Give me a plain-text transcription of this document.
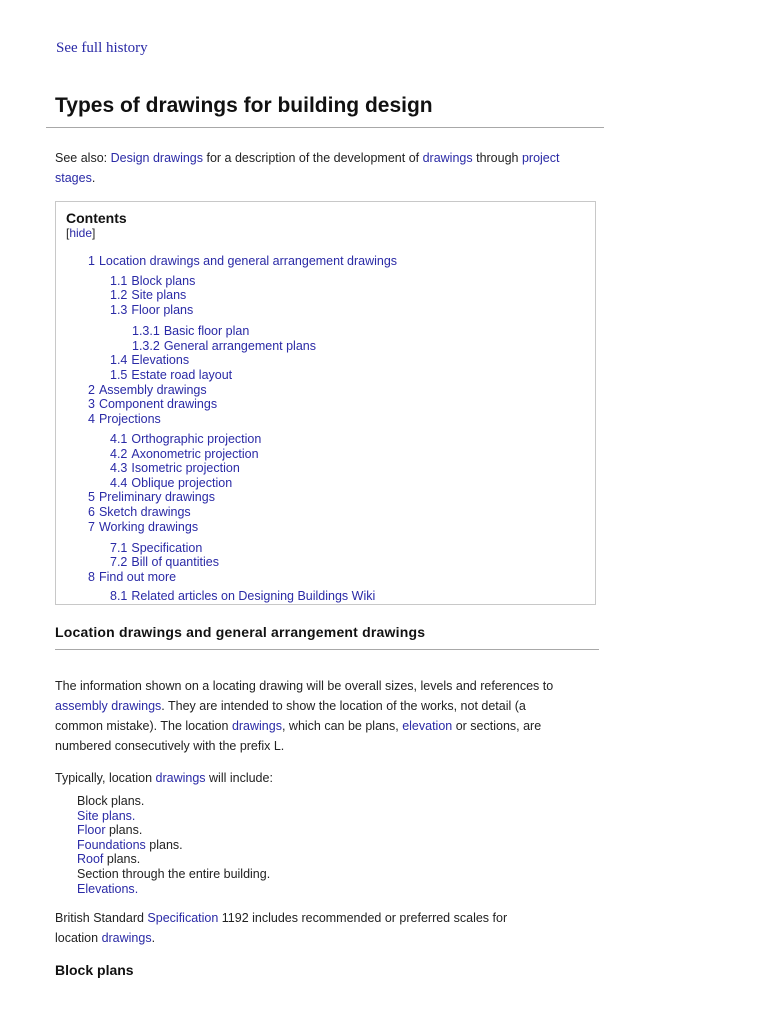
See full history
Types of drawings for building design

See also: Design drawings for a description of the development of drawings through project stages.

Contents
[hide]
1 Location drawings and general arrangement drawings
1.1 Block plans
1.2 Site plans
1.3 Floor plans
1.3.1 Basic floor plan
1.3.2 General arrangement plans
1.4 Elevations
1.5 Estate road layout
2 Assembly drawings
3 Component drawings
4 Projections
4.1 Orthographic projection
4.2 Axonometric projection
4.3 Isometric projection
4.4 Oblique projection
5 Preliminary drawings
6 Sketch drawings
7 Working drawings
7.1 Specification
7.2 Bill of quantities
8 Find out more
8.1 Related articles on Designing Buildings Wiki
Location drawings and general arrangement drawings

The information shown on a locating drawing will be overall sizes, levels and references to assembly drawings. They are intended to show the location of the works, not detail (a common mistake). The location drawings, which can be plans, elevation or sections, are numbered consecutively with the prefix L.

Typically, location drawings will include:

Block plans.
Site plans.
Floor plans.
Foundations plans.
Roof plans.
Section through the entire building.
Elevations.

British Standard Specification 1192 includes recommended or preferred scales for location drawings.

Block plans
